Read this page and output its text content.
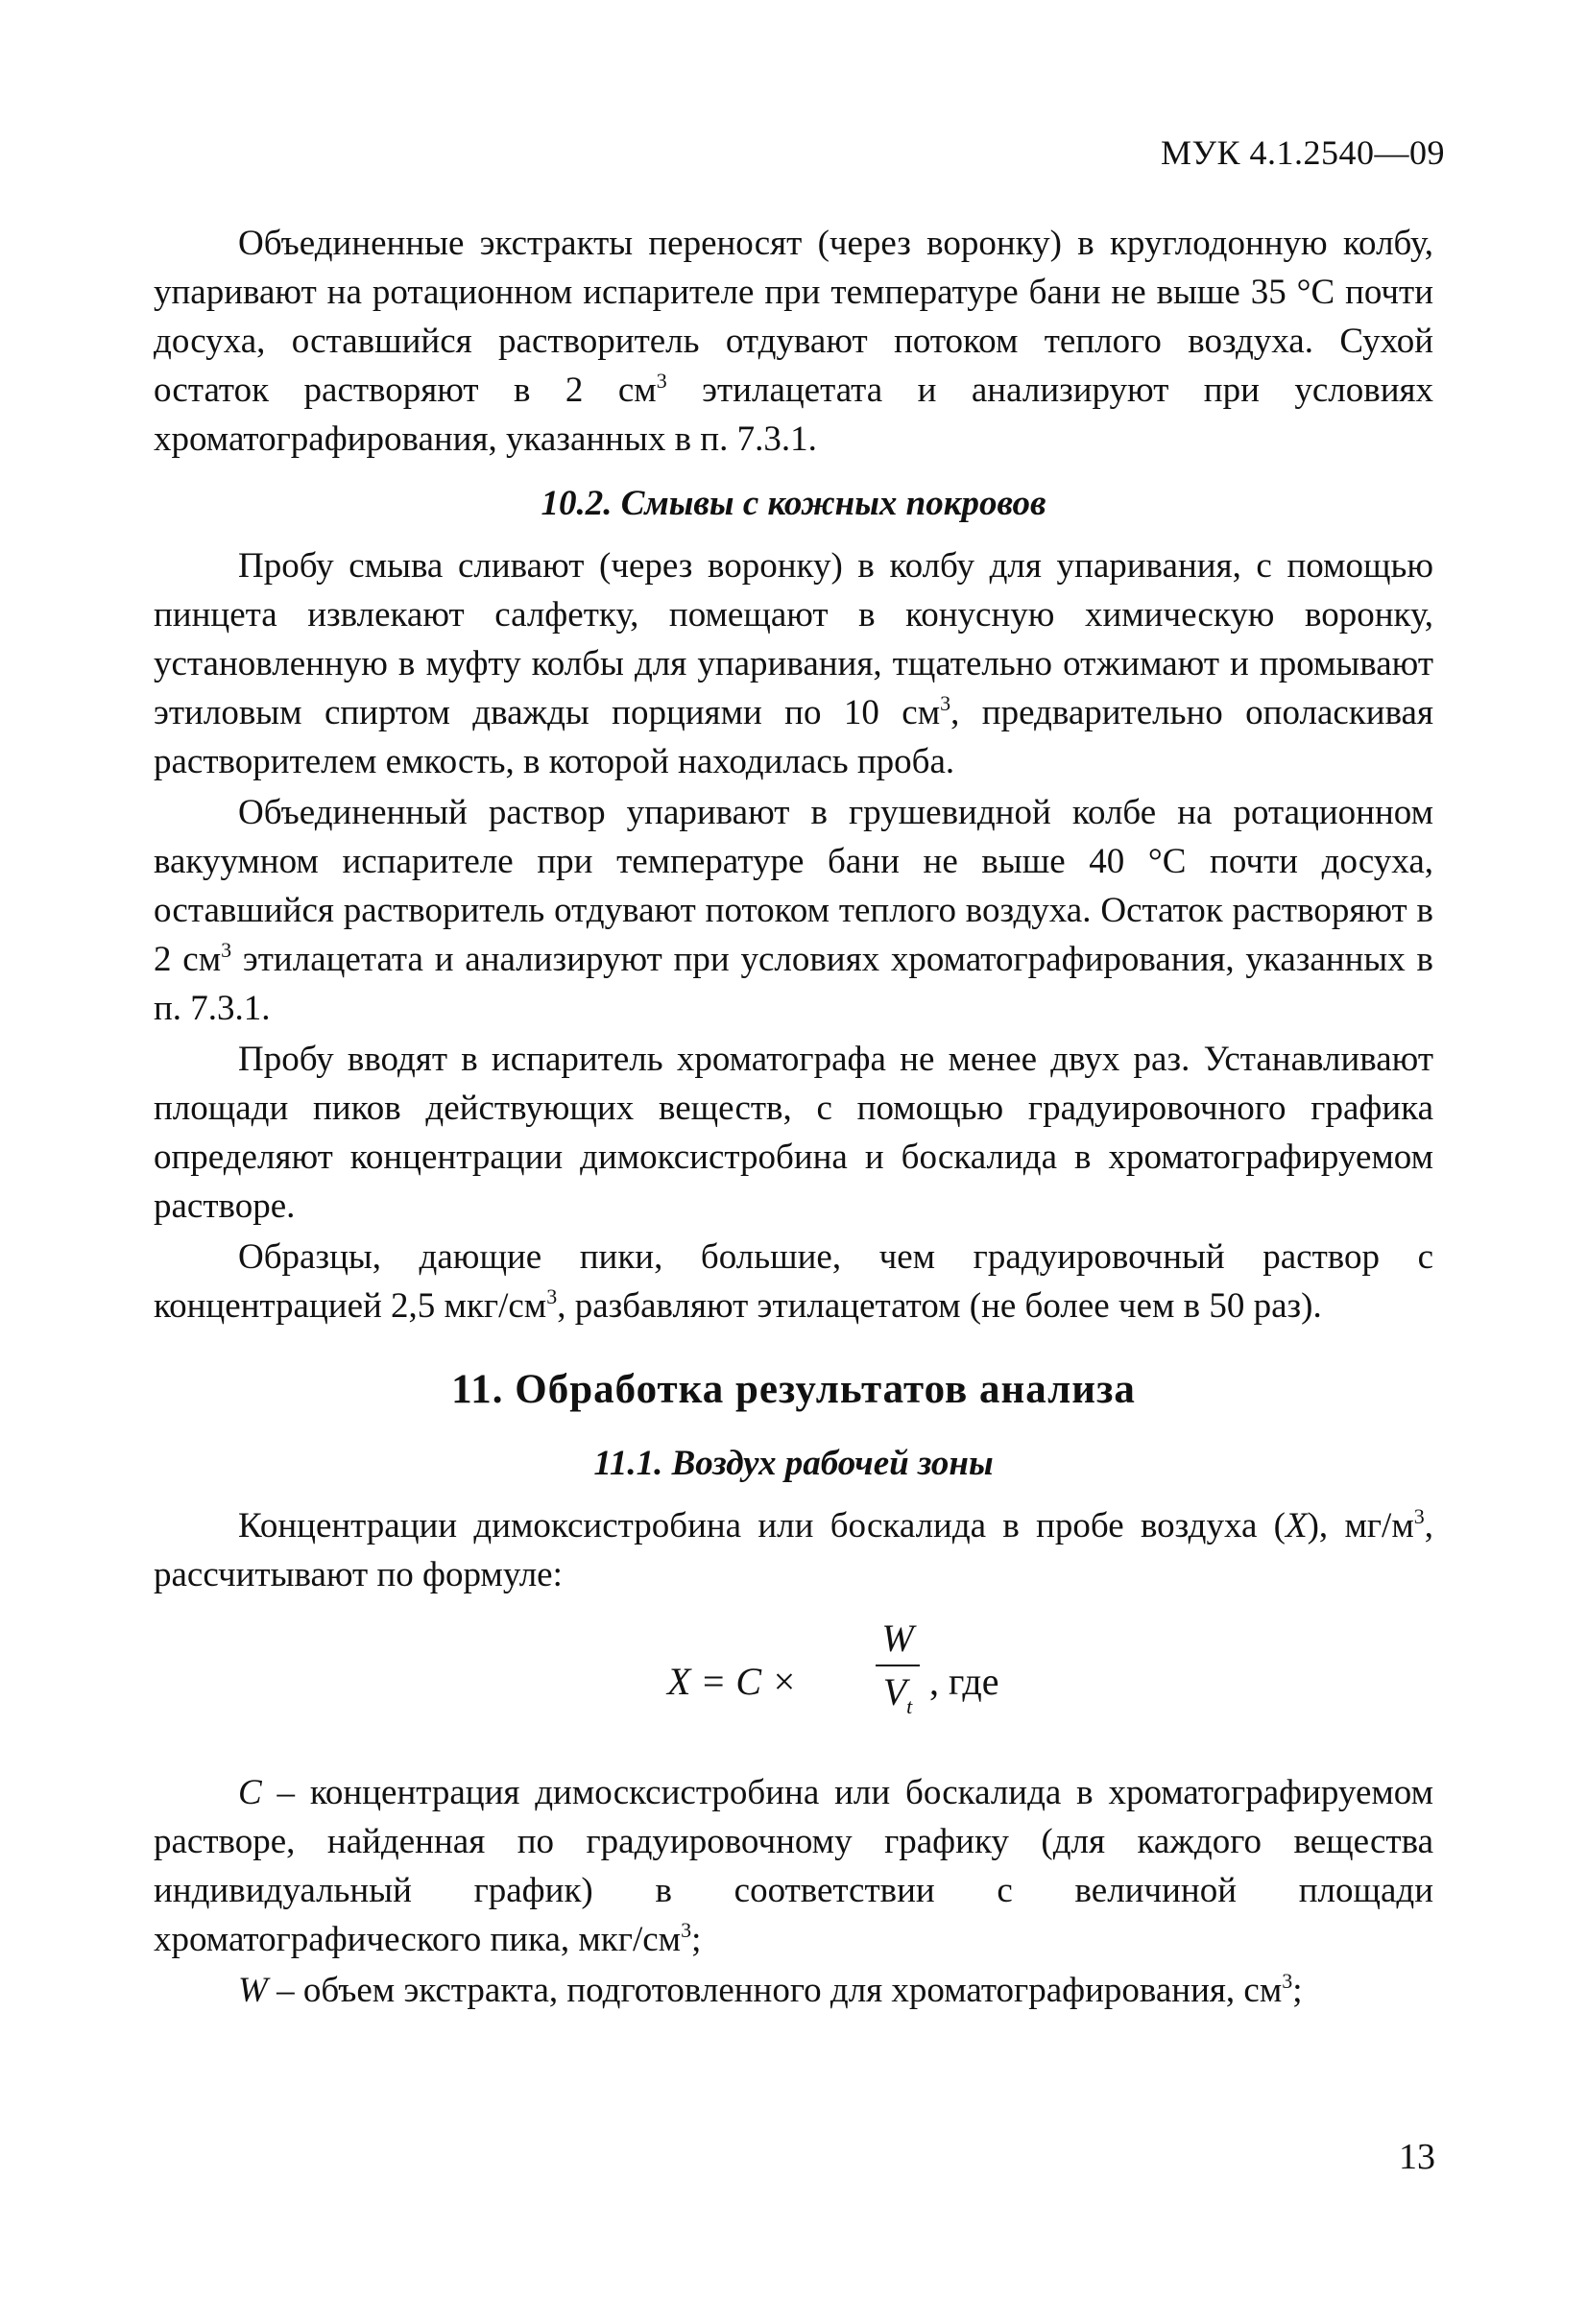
МУК 4.1.2540—09

Объединенные экстракты переносят (через воронку) в круглодонную колбу, упаривают на ротационном испарителе при температуре бани не выше 35 °С почти досуха, оставшийся растворитель отдувают потоком теплого воздуха. Сухой остаток растворяют в 2 $см^3$ этилацетата и анализируют при условиях хроматографирования, указанных в п. 7.3.1.

10.2. Смывы с кожных покровов

Пробу смыва сливают (через воронку) в колбу для упаривания, с помощью пинцета извлекают салфетку, помещают в конусную химическую воронку, установленную в муфту колбы для упаривания, тщательно отжимают и промывают этиловым спиртом дважды порциями по 10 $см^3$, предварительно ополаскивая растворителем емкость, в которой находилась проба.

Объединенный раствор упаривают в грушевидной колбе на ротационном вакуумном испарителе при температуре бани не выше 40 °С почти досуха, оставшийся растворитель отдувают потоком теплого воздуха. Остаток растворяют в 2 $см^3$ этилацетата и анализируют при условиях хроматографирования, указанных в п. 7.3.1.

Пробу вводят в испаритель хроматографа не менее двух раз. Устанавливают площади пиков действующих веществ, с помощью градуировочного графика определяют концентрации димоксистробина и боскалида в хроматографируемом растворе.

Образцы, дающие пики, большие, чем градуировочный раствор с концентрацией 2,5 мкг/$см^3$, разбавляют этилацетатом (не более чем в 50 раз).

11. Обработка результатов анализа
11.1. Воздух рабочей зоны

Концентрации димоксистробина или боскалида в пробе воздуха (Х), $мг/м^3$, рассчитывают по формуле:

X = C ×
W
$V_t$
, где

С – концентрация димосксистробина или боскалида в хроматографируемом растворе, найденная по градуировочному графику (для каждого вещества индивидуальный график) в соответствии с величиной площади хроматографического пика, мкг/$см^3$;

W – объем экстракта, подготовленного для хроматографирования, $см^3$;

13
